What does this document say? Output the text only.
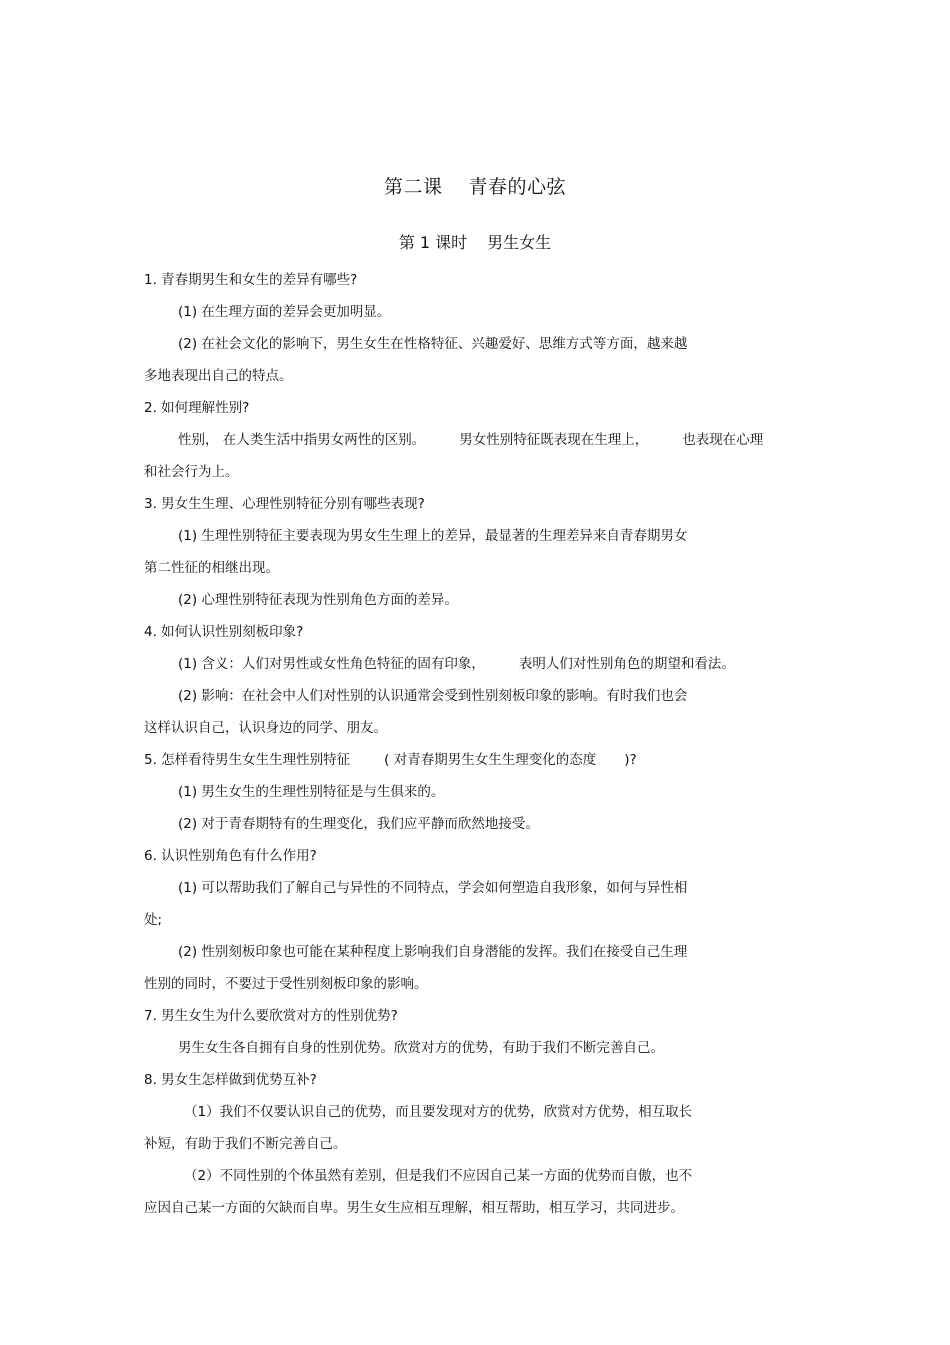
第二课 青春的心弦
第 1 课时 男生女生
1. 青春期男生和女生的差异有哪些?
(1) 在生理方面的差异会更加明显。
(2) 在社会文化的影响下，男生女生在性格特征、兴趣爱好、思维方式等方面，越来越
多地表现出自己的特点。
2. 如何理解性别?
性别， 在人类生活中指男女两性的区别。	男女性别特征既表现在生理上，	也表现在心理
和社会行为上。
3. 男女生生理、心理性别特征分别有哪些表现?
(1) 生理性别特征主要表现为男女生生理上的差异，最显著的生理差异来自青春期男女
第二性征的相继出现。
(2) 心理性别特征表现为性别角色方面的差异。
4. 如何认识性别刻板印象?
(1) 含义：人们对男性或女性角色特征的固有印象，	表明人们对性别角色的期望和看法。
(2) 影响：在社会中人们对性别的认识通常会受到性别刻板印象的影响。有时我们也会
这样认识自己，认识身边的同学、朋友。
5. 怎样看待男生女生生理性别特征	( 对青春期男生女生生理变化的态度 )?
(1) 男生女生的生理性别特征是与生俱来的。
(2) 对于青春期特有的生理变化，我们应平静而欣然地接受。
6. 认识性别角色有什么作用?
(1) 可以帮助我们了解自己与异性的不同特点，学会如何塑造自我形象，如何与异性相
处;
(2) 性别刻板印象也可能在某种程度上影响我们自身潜能的发挥。我们在接受自己生理
性别的同时，不要过于受性别刻板印象的影响。
7. 男生女生为什么要欣赏对方的性别优势?
男生女生各自拥有自身的性别优势。欣赏对方的优势，有助于我们不断完善自己。
8. 男女生怎样做到优势互补?
（1）我们不仅要认识自己的优势，而且要发现对方的优势，欣赏对方优势，相互取长
补短，有助于我们不断完善自己。
（2）不同性别的个体虽然有差别，但是我们不应因自己某一方面的优势而自傲，也不
应因自己某一方面的欠缺而自卑。男生女生应相互理解，相互帮助，相互学习，共同进步。
